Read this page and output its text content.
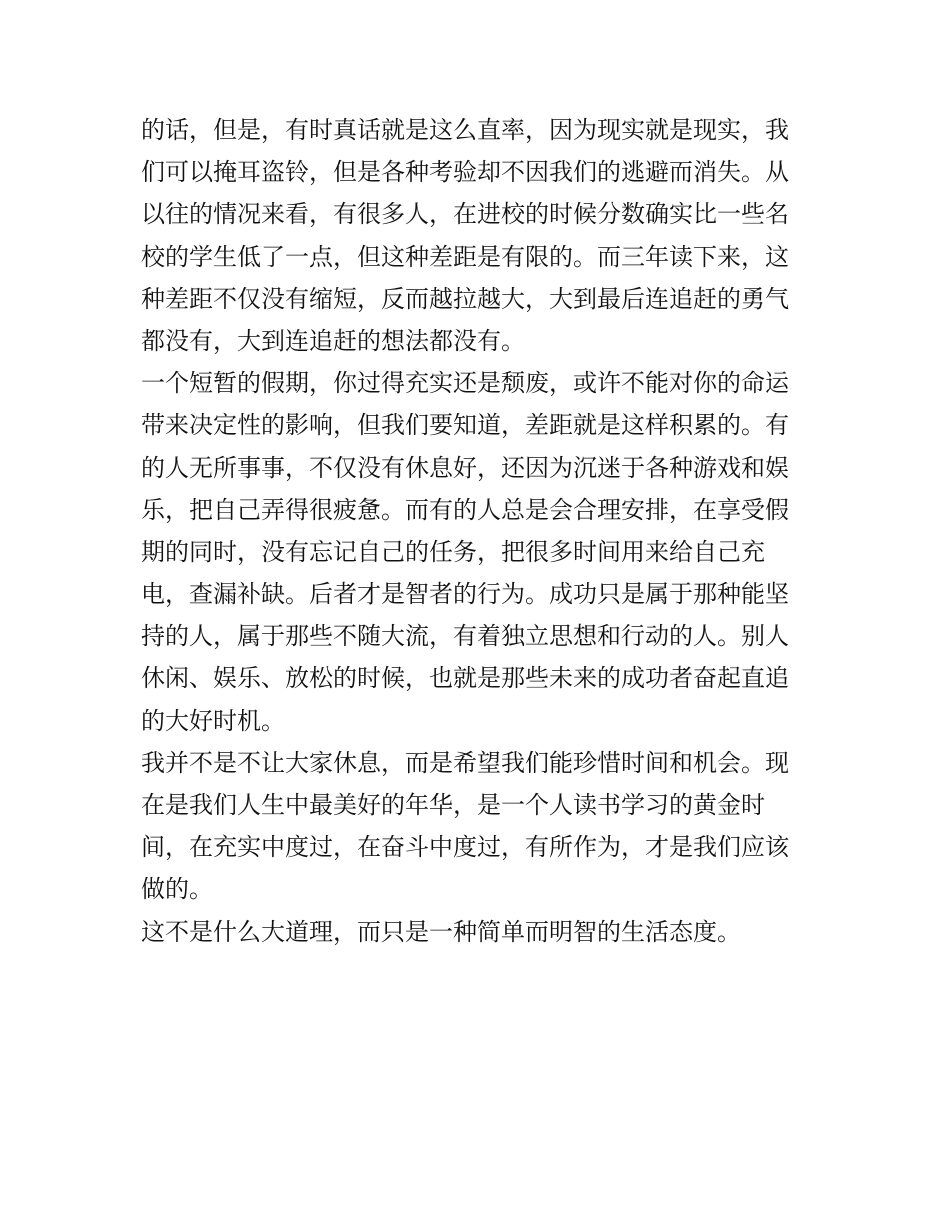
的话，但是，有时真话就是这么直率，因为现实就是现实，我
们可以掩耳盗铃，但是各种考验却不因我们的逃避而消失。从
以往的情况来看，有很多人，在进校的时候分数确实比一些名
校的学生低了一点，但这种差距是有限的。而三年读下来，这
种差距不仅没有缩短，反而越拉越大，大到最后连追赶的勇气
都没有，大到连追赶的想法都没有。
一个短暂的假期，你过得充实还是颓废，或许不能对你的命运
带来决定性的影响，但我们要知道，差距就是这样积累的。有
的人无所事事，不仅没有休息好，还因为沉迷于各种游戏和娱
乐，把自己弄得很疲惫。而有的人总是会合理安排，在享受假
期的同时，没有忘记自己的任务，把很多时间用来给自己充
电，查漏补缺。后者才是智者的行为。成功只是属于那种能坚
持的人，属于那些不随大流，有着独立思想和行动的人。别人
休闲、娱乐、放松的时候，也就是那些未来的成功者奋起直追
的大好时机。
我并不是不让大家休息，而是希望我们能珍惜时间和机会。现
在是我们人生中最美好的年华，是一个人读书学习的黄金时
间，在充实中度过，在奋斗中度过，有所作为，才是我们应该
做的。
这不是什么大道理，而只是一种简单而明智的生活态度。
